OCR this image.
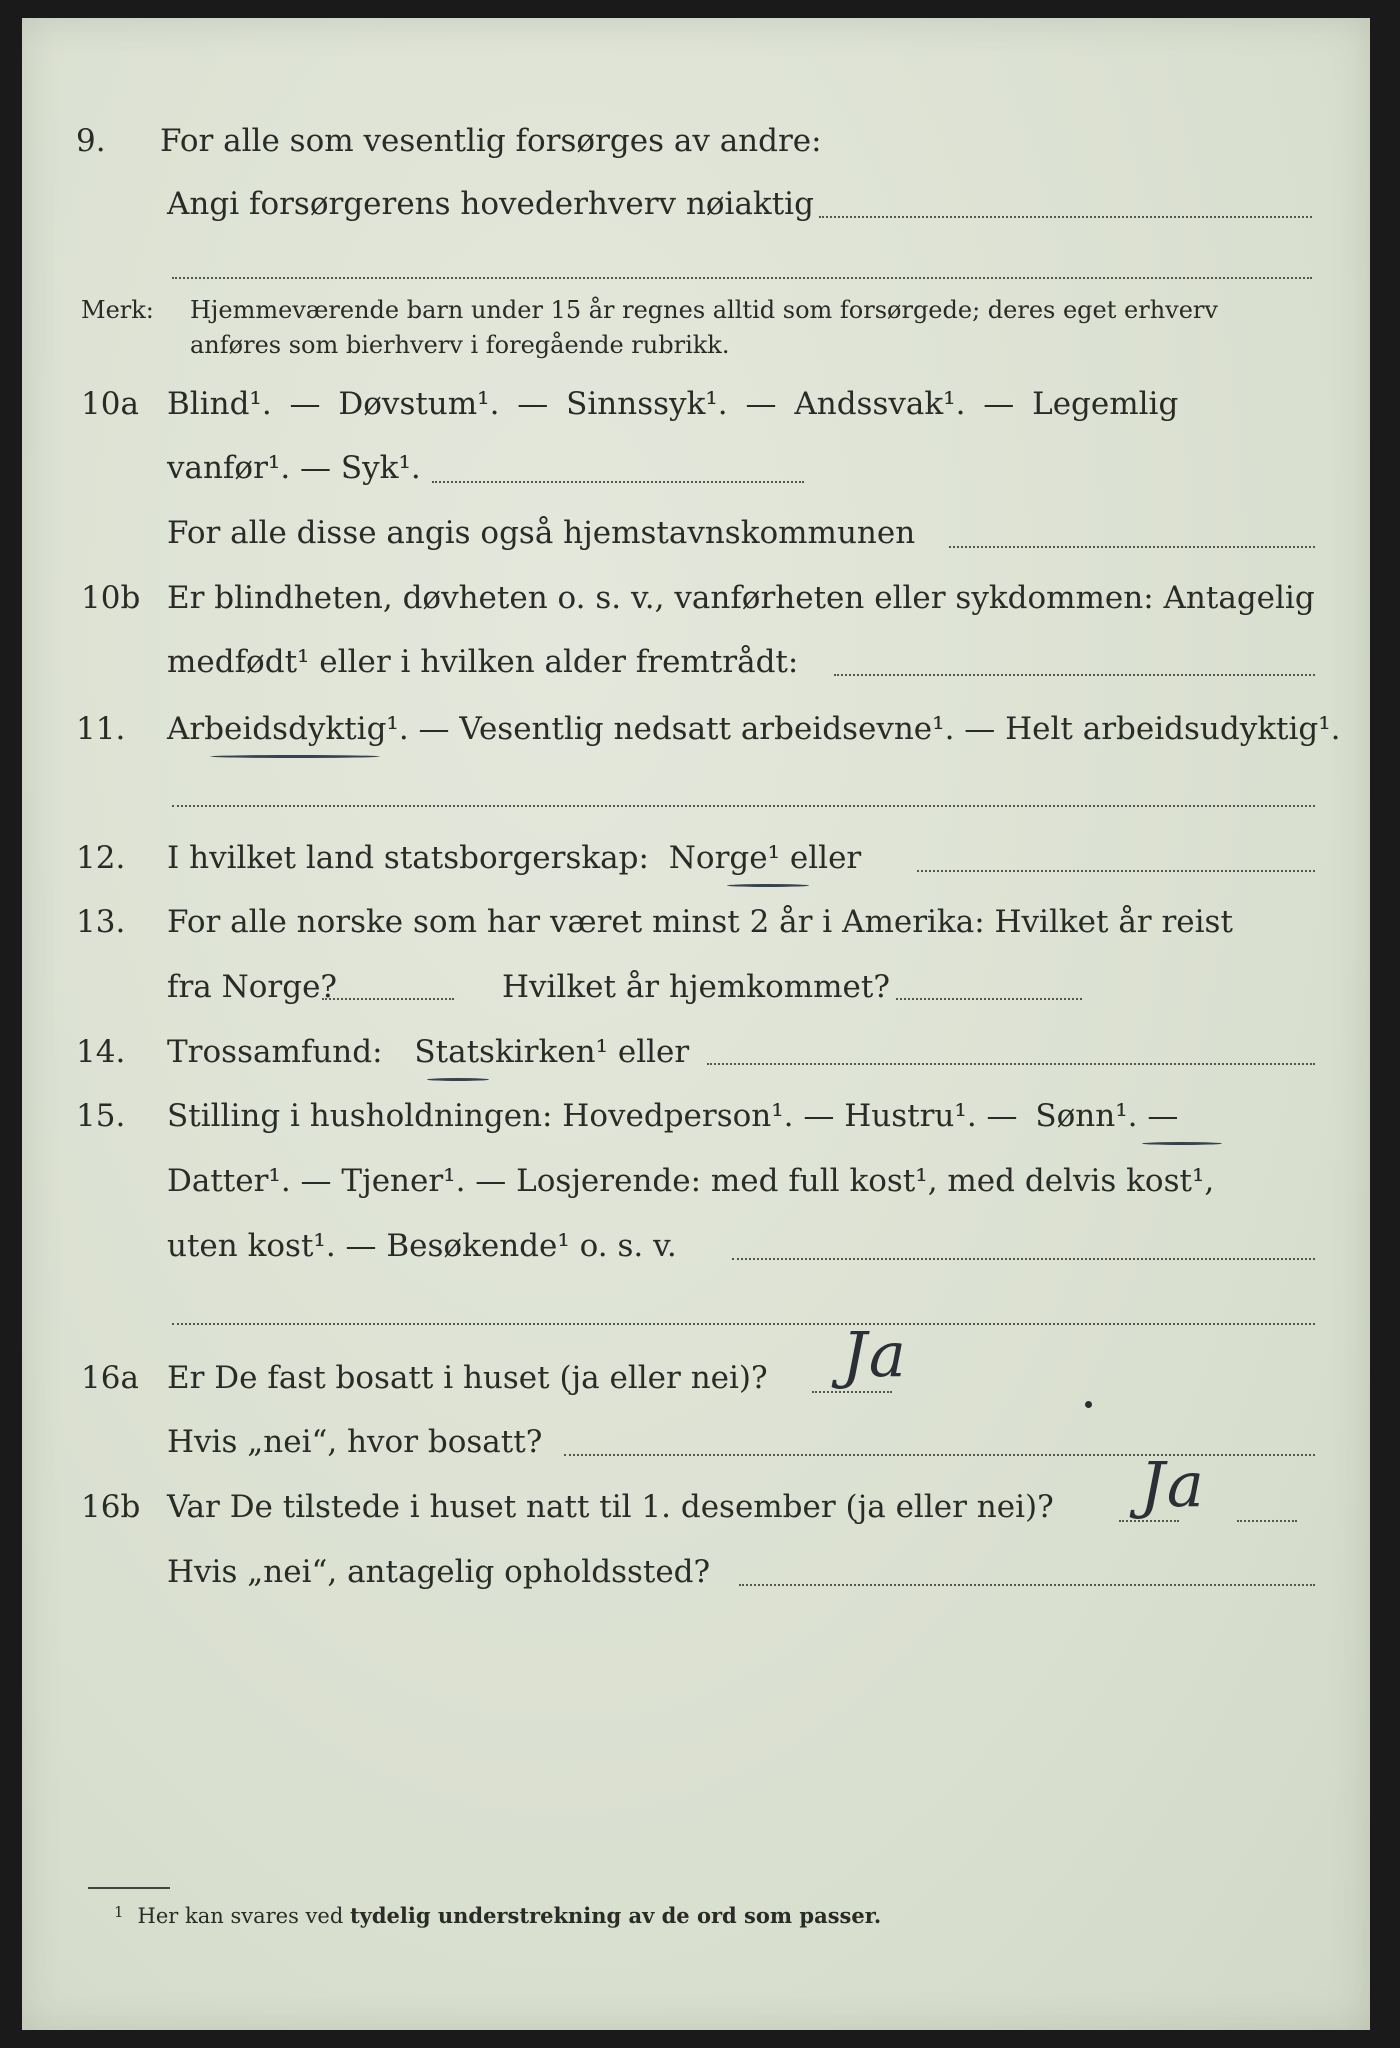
9. For alle som vesentlig forsørges av andre:
Angi forsørgerens hovederhverv nøiaktig
Merk: Hjemmeværende barn under 15 år regnes alltid som forsørgede; deres eget erhverv
anføres som bierhverv i foregående rubrikk.
10a Blind¹. — Døvstum¹. — Sinnssyk¹. — Andssvak¹. — Legemlig
vanfør¹. — Syk¹.
For alle disse angis også hjemstavnskommunen
10b Er blindheten, døvheten o. s. v., vanførheten eller sykdommen: Antagelig
medfødt¹ eller i hvilken alder fremtrådt:
11. Arbeidsdyktig¹. — Vesentlig nedsatt arbeidsevne¹. — Helt arbeidsudyktig¹.
12. I hvilket land statsborgerskap: Norge¹ eller
13. For alle norske som har været minst 2 år i Amerika: Hvilket år reist
fra Norge?	Hvilket år hjemkommet?
14. Trossamfund: Statskirken¹ eller
15. Stilling i husholdningen: Hovedperson¹. — Hustru¹. — Sønn¹. —
Datter¹. — Tjener¹. — Losjerende: med full kost¹, med delvis kost¹,
uten kost¹. — Besøkende¹ o. s. v.
16a Er De fast bosatt i huset (ja eller nei)? Ja
Hvis „nei“, hvor bosatt?
16b Var De tilstede i huset natt til 1. desember (ja eller nei)? Ja
Hvis „nei“, antagelig opholdssted?
$^1$ Her kan svares ved tydelig understrekning av de ord som passer.
